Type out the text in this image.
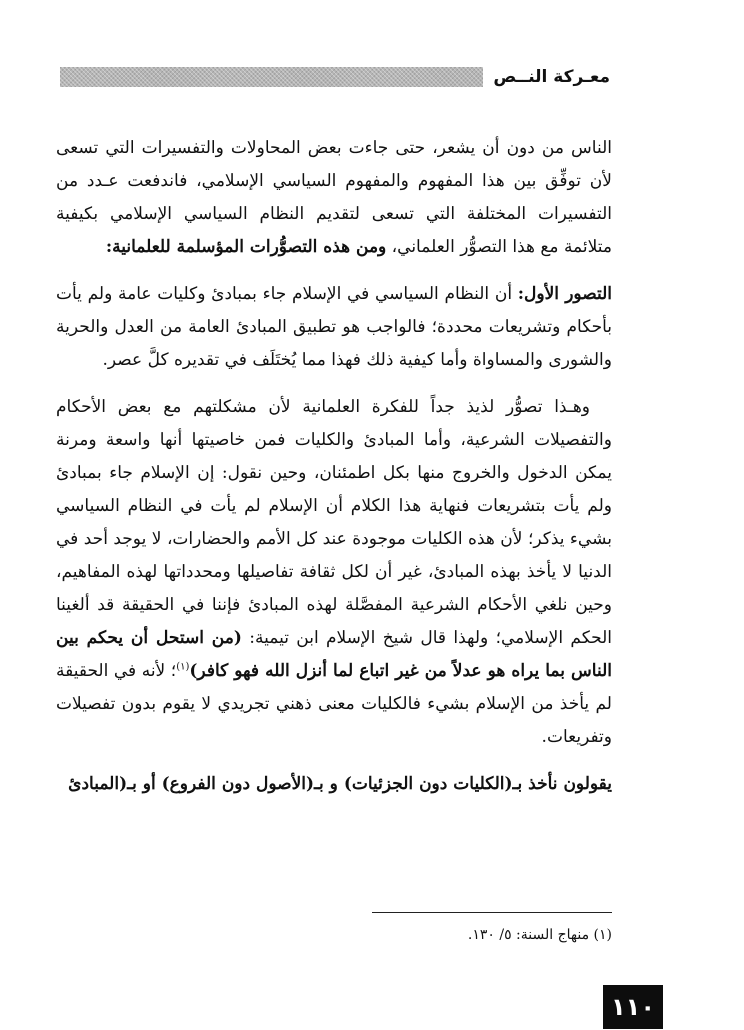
معـركة النــص

الناس من دون أن يشعر، حتى جاءت بعض المحاولات والتفسيرات التي تسعى لأن توفِّق بين هذا المفهوم والمفهوم السياسي الإسلامي، فاندفعت عـدد من التفسيرات المختلفة التي تسعى لتقديم النظام السياسي الإسلامي بكيفية متلائمة مع هذا التصوُّر العلماني، ومن هذه التصوُّرات المؤسلمة للعلمانية:

التصور الأول: أن النظام السياسي في الإسلام جاء بمبادئ وكليات عامة ولم يأت بأحكام وتشريعات محددة؛ فالواجب هو تطبيق المبادئ العامة من العدل والحرية والشورى والمساواة وأما كيفية ذلك فهذا مما يُختَلَف في تقديره كلَّ عصر.

وهـذا تصوُّر لذيذ جداً للفكرة العلمانية لأن مشكلتهم مع بعض الأحكام والتفصيلات الشرعية، وأما المبادئ والكليات فمن خاصيتها أنها واسعة ومرنة يمكن الدخول والخروج منها بكل اطمئنان، وحين نقول: إن الإسلام جاء بمبادئ ولم يأت بتشريعات فنهاية هذا الكلام أن الإسلام لم يأت في النظام السياسي بشيء يذكر؛ لأن هذه الكليات موجودة عند كل الأمم والحضارات، لا يوجد أحد في الدنيا لا يأخذ بهذه المبادئ، غير أن لكل ثقافة تفاصيلها ومحدداتها لهذه المفاهيم، وحين نلغي الأحكام الشرعية المفصَّلة لهذه المبادئ فإننا في الحقيقة قد ألغينا الحكم الإسلامي؛ ولهذا قال شيخ الإسلام ابن تيمية: (من استحل أن يحكم بين الناس بما يراه هو عدلاً من غير اتباع لما أنزل الله فهو كافر)$^{(١)}$؛ لأنه في الحقيقة لم يأخذ من الإسلام بشيء فالكليات معنى ذهني تجريدي لا يقوم بدون تفصيلات وتفريعات.

يقولون نأخذ بـ(الكليات دون الجزئيات) و بـ(الأصول دون الفروع) أو بـ(المبادئ

(١) منهاج السنة: ٥/ ١٣٠.
١١٠
